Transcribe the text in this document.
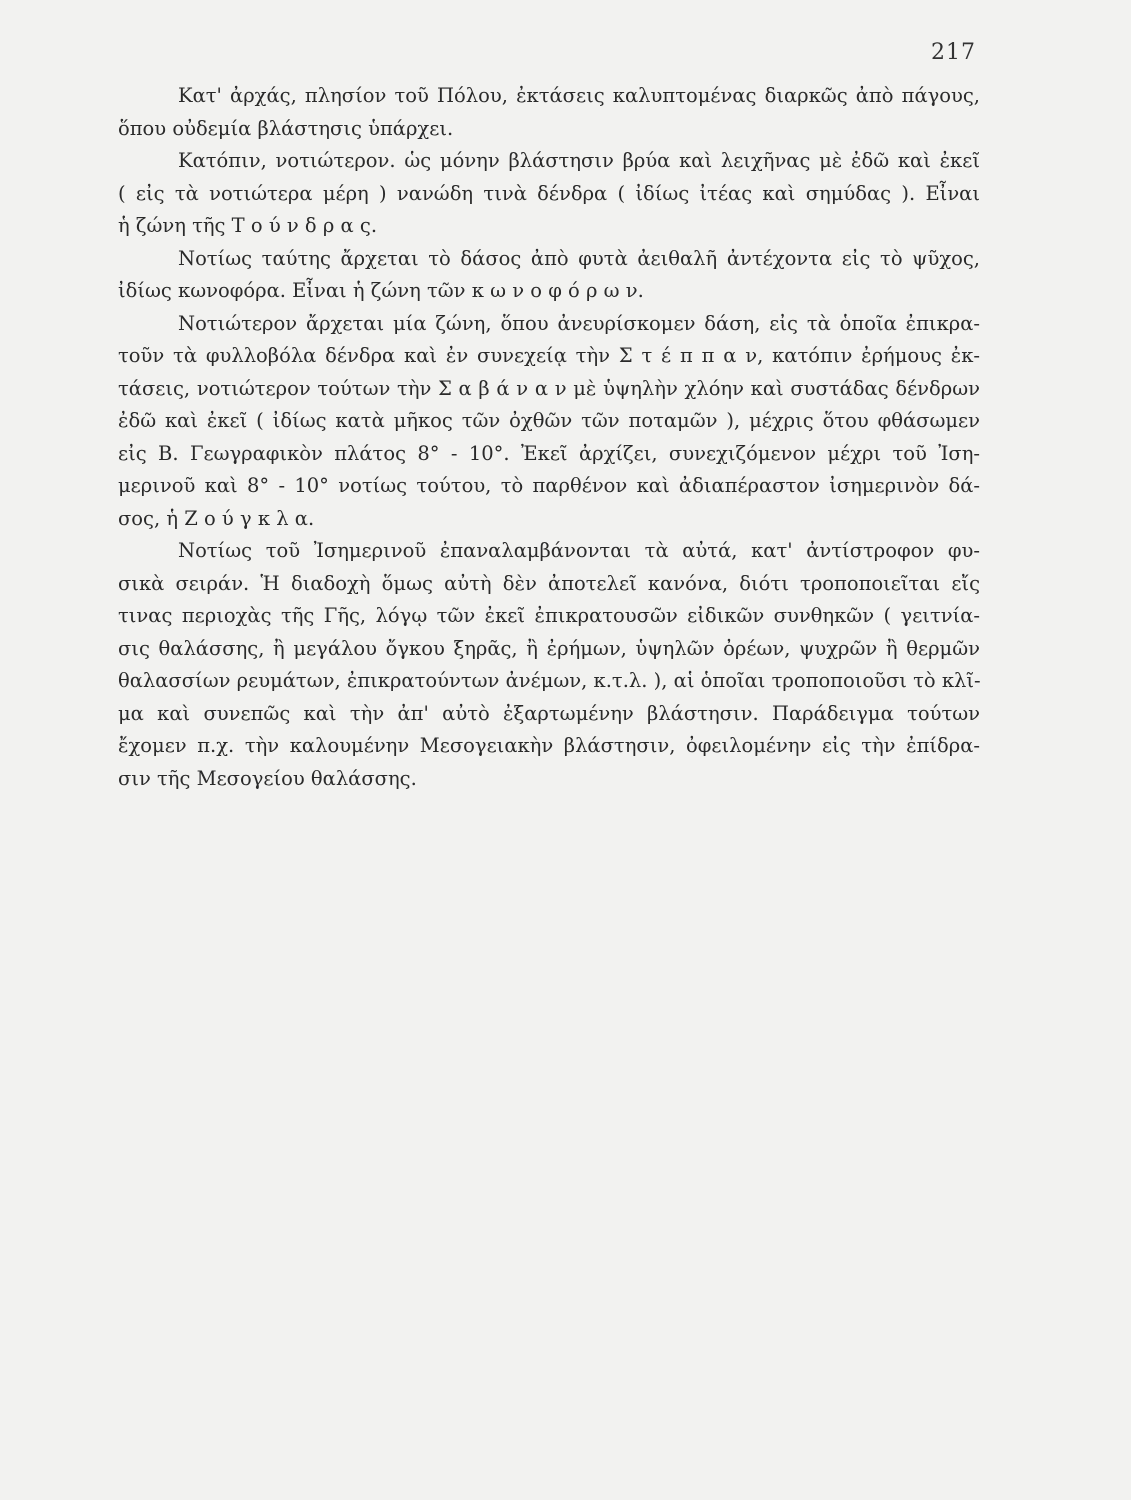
217

Κατ' ἀρχάς, πλησίον τοῦ Πόλου, ἐκτάσεις καλυπτομένας διαρκῶς ἀπὸ πάγους,
ὅπου οὐδεμία βλάστησις ὑπάρχει.

Κατόπιν, νοτιώτερον. ὡς μόνην βλάστησιν βρύα καὶ λειχῆνας μὲ ἐδῶ καὶ ἐκεῖ
( εἰς τὰ νοτιώτερα μέρη ) νανώδη τινὰ δένδρα ( ἰδίως ἰτέας καὶ σημύδας ). Εἶναι
ἡ ζώνη τῆς Τ ο ύ ν δ ρ α ς.

Νοτίως ταύτης ἄρχεται τὸ δάσος ἀπὸ φυτὰ ἀειθαλῆ ἀντέχοντα εἰς τὸ ψῦχος,
ἰδίως κωνοφόρα. Εἶναι ἡ ζώνη τῶν κ ω ν ο φ ό ρ ω ν.

Νοτιώτερον ἄρχεται μία ζώνη, ὅπου ἀνευρίσκομεν δάση, εἰς τὰ ὁποῖα ἐπικρα-
τοῦν τὰ φυλλοβόλα δένδρα καὶ ἐν συνεχείᾳ τὴν Σ τ έ π π α ν, κατόπιν ἐρήμους ἐκ-
τάσεις, νοτιώτερον τούτων τὴν Σ α β ά ν α ν μὲ ὑψηλὴν χλόην καὶ συστάδας δένδρων
ἐδῶ καὶ ἐκεῖ ( ἰδίως κατὰ μῆκος τῶν ὀχθῶν τῶν ποταμῶν ), μέχρις ὅτου φθάσωμεν
εἰς Β. Γεωγραφικὸν πλάτος 8° - 10°. Ἐκεῖ ἀρχίζει, συνεχιζόμενον μέχρι τοῦ Ἰση-
μερινοῦ καὶ 8° - 10° νοτίως τούτου, τὸ παρθένον καὶ ἀδιαπέραστον ἰσημερινὸν δά-
σος, ἡ Ζ ο ύ γ κ λ α.

Νοτίως τοῦ Ἰσημερινοῦ ἐπαναλαμβάνονται τὰ αὐτά, κατ' ἀντίστροφον φυ-
σικὰ σειράν. Ἡ διαδοχὴ ὅμως αὐτὴ δὲν ἀποτελεῖ κανόνα, διότι τροποποιεῖται εἴς
τινας περιοχὰς τῆς Γῆς, λόγῳ τῶν ἐκεῖ ἐπικρατουσῶν εἰδικῶν συνθηκῶν ( γειτνία-
σις θαλάσσης, ἢ μεγάλου ὄγκου ξηρᾶς, ἢ ἐρήμων, ὑψηλῶν ὀρέων, ψυχρῶν ἢ θερμῶν
θαλασσίων ρευμάτων, ἐπικρατούντων ἀνέμων, κ.τ.λ. ), αἱ ὁποῖαι τροποποιοῦσι τὸ κλῖ-
μα καὶ συνεπῶς καὶ τὴν ἀπ' αὐτὸ ἐξαρτωμένην βλάστησιν. Παράδειγμα τούτων
ἔχομεν π.χ. τὴν καλουμένην Μεσογειακὴν βλάστησιν, ὀφειλομένην εἰς τὴν ἐπίδρα-
σιν τῆς Μεσογείου θαλάσσης.
